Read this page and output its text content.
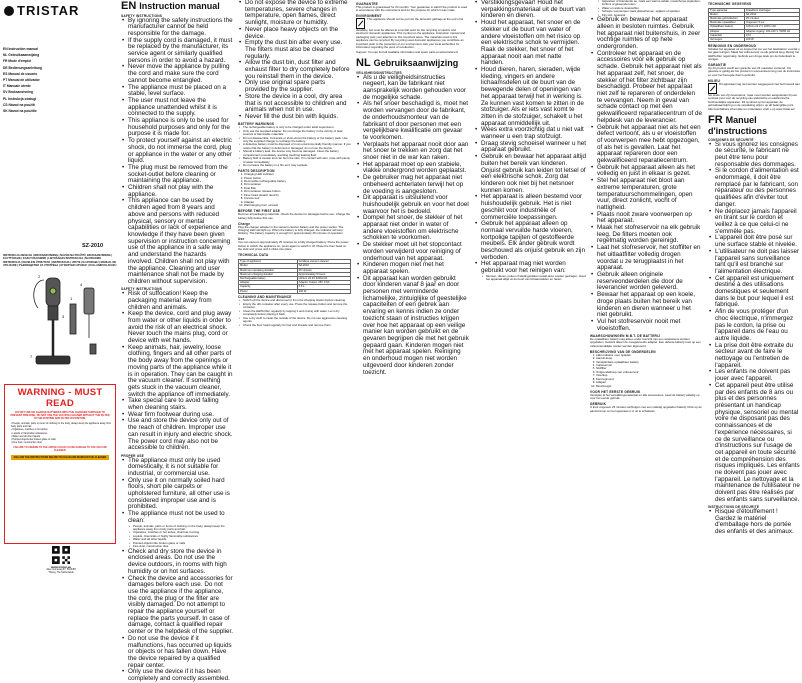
TRISTAR
EN Instruction manual
NL Gebruiksaanwijzing
FR Mode d'emploi
DE Bedienungsanleitung
ES Manual de usuario
PT Manual de utilizador
IT Manuale utente
SV Bruksanvisning
PL Instrukcja obsługi
CS Návod na použití
SK Návod na použitie
SZ-2010
INSTRUKCJA OBSŁUGI | BRUKSANVISNING | NÁVOD NA POUŽITÍ | BRUGSANVISNING | KÄYTTÖOHJE | KASUTUSJUHEND | LIETOŠANAS INSTRUKCIJA | NAUDOJIMO INSTRUKCIJA | KEZELÉSI ÚTMUTATÓ | INSTRUKCIJA | UPUTE ZA UPORABU | MANUAL DE UTILIZARE | РЪКОВОДСТВО ЗА УПОТРЕБА | ΕΓΧΕΙΡΊΔΙΟ ΧΡΉΣΗΣ | KULLANIM KILAVUZU
1
2
3
4
7
WARNING - MUST READ
DO NOT USE OR CHARGE BATTERIES WITH THE CHARGER SUPPLIED TO PREVENT FIRE RISK. DO NOT USE THE VACUUM CLEANER WITHOUT THE FILTER IN THE DUSTBIN AND FILTER IN POSITION.
• People, animals, parts or items of clothing on the body, always keep the appliance away from body parts and hair.
• Cigarettes, matches or hot ashes
• Liquids or flammable substances
• Water and all other liquids
• Pointed objects like broken glass or nails
• Fine dust, construction dust
FAILURE TO ADHERE TO THE ABOVE COULD CAUSE DAMAGE TO THE VACUUM CLEANER.
FOLLOW THE INSTRUCTIONS BELOW TO CLEAN AND MAINTAIN THE CLEANER
www.tristar.eu
Jules Verneweg 87, 5015 BH Tilburg, The Netherlands
EN Instruction manual
SAFETY INSTRUCTIONS
• By ignoring the safety instructions the manufacturer cannot be held responsible for the damage.
• If the supply cord is damaged, it must be replaced by the manufacturer, its service agent or similarly qualified persons in order to avoid a hazard.
• Never move the appliance by pulling the cord and make sure the cord cannot become entangled.
• The appliance must be placed on a stable, level surface.
• The user must not leave the appliance unattended whilst it is connected to the supply.
• This appliance is only to be used for household purposes and only for the purpose it is made for.
• To protect yourself against an electric shock, do not immerse the cord, plug or appliance in the water or any other liquid.
• The plug must be removed from the socket-outlet before cleaning or maintaining the appliance.
• Children shall not play with the appliance.
• This appliance can be used by children aged from 8 years and above and persons with reduced physical, sensory or mental capabilities or lack of experience and knowledge if they have been given supervision or instruction concerning use of the appliance in a safe way and understand the hazards involved. Children shall not play with the appliance. Cleaning and user maintenance shall not be made by children without supervision.
SAFETY INSTRUCTIONS
• Risk of suffocation! Keep the packaging material away from children and animals.
• Keep the device, cord and plug away from water or other liquids in order to avoid the risk of an electrical shock. Never touch the mains plug, cord or device with wet hands.
• Keep animals, hair, jewelry, loose clothing, fingers and all other parts of the body away from the openings or moving parts of the appliance while it is in operation. They can be caught in the vacuum cleaner. If something gets stuck in the vacuum cleaner, switch the appliance off immediately.
• Take special care to avoid falling when cleaning stairs.
• Wear firm footwear during use.
• Use and store the device only out of the reach of children. Improper use can result in injury and electric shock. The power cord may also not be accessible to children.
PROPER USE
• The appliance must only be used domestically, it is not suitable for industrial, or commercial use.
• Only use it on normally soiled hard floors, short pile carpets or upholstered furniture, all other use is considered improper use and is prohibited.
• The appliance must not be used to clean:
• People, animals, parts or items of clothing on the body, always keep the appliance away from body parts and hair.
• Cigarettes, matches or hot ashes, charcoal, burning
• Liquids, chemicals or highly flammable substances
• Water and all other liquids
• Pointed objects like broken glass or nails
• Fine dust, construction dust
• Check and dry store the device in enclosed areas. Do not use the device outdoors, in rooms with high humidity or on hot surfaces.
• Check the device and accessories for damages before each use. Do not use the appliance if the appliance, the cord, the plug or the filter are visibly damaged. Do not attempt to repair the appliance yourself or replace the parts yourself. In case of damage, contact a qualified repair center or the helpdesk of the supplier.
• Do not use the device if it malfunctions, has occurred up liquids or objects or has fallen down. Have the device repaired by a qualified repair center.
• Only use the device if it has been completely and correctly assembled.
• Do not expose the device to extreme temperatures, severe changes in temperature, open flames, direct sunlight, moisture or humidity.
• Never place heavy objects on the device.
• Empty the dust bin after every use. The filters must also be cleaned regularly.
• Allow the dust bin, dust filter and exhaust filter to dry completely before you reinstall them in the device.
• Only use original spare parts provided by the supplier.
• Store the device in a cool, dry area that is not accessible to children and animals when not in use.
• Never fill the dust bin with liquids.
BATTERY WARNINGS
• The rechargeable battery is only to be charged under adult supervision.
• Only use the supplied adapter. Do not charge the battery in the vicinity of heat sources or flammable materials.
• Do not disassemble, incinerate or short-circuit the battery or the battery pack. Use only the supplied charger to recharge the battery.
• A defective battery must be disposed of in an environmentally friendly manner. If you notice that the battery is deformed or damaged, do not use the device.
• Should a battery leak, the device may become damaged. Clean the battery compartment immediately, avoiding touching leaking fluid.
• Battery fluid is caustic and can burn the skin. If in contact with skin, rinse with plenty of water immediately.
• Do not leave the battery in a fire as it may explode.
PARTS DESCRIPTION
1. Charging LED indicator
2. Power button
3. Removable rechargeable battery
4. Dirt container
5. Dust filter
6. Dirt container release button
7. Floor head (detach launch)
8. Crevice tool
9. Adapter
10. Wall hanging (incl. screws)
BEFORE THE FIRST USE
Remove all packaging materials. Check the device for damages before use. Charge the battery fully before first use.
Charge
Plug the charger adapter in the vacuum cleaner battery and the power socket. The charging LED will light up. When the battery is fully charged, the indicator will stop blinking. The battery capacity is enough for approximately 25 minutes of operation.
Use
You can vacuum approximately 25 minutes on a fully charged battery. Press the power button to switch the appliance on, press again to switch it off. Place the floor head on the stick and press until it clicks into place.
TECHNICAL DATA
Type of appliance	Cordless vacuum cleaner
Model	SZ-2010
Maximum operating duration	25 minutes
Maximum charging duration	Approximately 5 hours
Rechargeable battery	Lithium 22.2V 2200mAh
Adapter	Adaptor Output: 26V 0.5A
Capacity	0.6 L
Power	100 W
CLEANING AND MAINTENANCE
• Switch off the device and disconnect it from the charging station before cleaning.
• Empty the dirt container after every use. Press the release button and remove the container.
• Clean the HEPA filter regularly by tapping it and rinsing with water. Let it dry completely before placing it back.
• Use a dry cloth to clean the outside of the device. Do not use aggressive cleaning agents.
• Check the floor head regularly for hair and threads and remove them.
GUARANTEE
This product is guaranteed for 24 months. Your guarantee is valid if the product is used in accordance with the instructions and for the purpose for which it was made.
ENVIRONMENT
This appliance should not be put into the domestic garbage at the end of its durability, but must be offered at a central point for the recycling of electric and electronic domestic appliances. This symbol on the appliance, instruction manual and packaging puts your attention to this important issue. The materials used in this appliance can be recycled. By recycling used domestic appliances you contribute an important push to the protection of our environment. Ask your local authorities for information regarding the point of recollection.
Support: You can find all available information and spare parts at www.tristar.eu!
NL Gebruiksaanwijzing
VEILIGHEIDSINSTRUCTIES
• Als u de veiligheidsinstructies negeert, kan de fabrikant niet aansprakelijk worden gehouden voor de mogelijke schade.
• Als het snoer beschadigd is, moet het worden vervangen door de fabrikant, de onderhoudsmonteur van de fabrikant of door personen met een vergelijkbare kwalificatie om gevaar te voorkomen.
• Verplaats het apparaat nooit door aan het snoer te trekken en zorg dat het snoer niet in de war kan raken.
• Het apparaat moet op een stabiele, vlakke ondergrond worden geplaatst.
• De gebruiker mag het apparaat niet onbeheerd achterlaten terwijl het op de voeding is aangesloten.
• Dit apparaat is uitsluitend voor huishoudelijk gebruik en voor het doel waarvoor het is bedoeld.
• Dompel het snoer, de stekker of het apparaat niet onder in water of andere vloeistoffen om elektrische schokken te voorkomen.
• De stekker moet uit het stopcontact worden verwijderd voor reiniging of onderhoud van het apparaat.
• Kinderen mogen niet met het apparaat spelen.
• Dit apparaat kan worden gebruikt door kinderen vanaf 8 jaar en door personen met verminderde lichamelijke, zintuiglijke of geestelijke capaciteiten of een gebrek aan ervaring en kennis indien ze onder toezicht staan of instructies krijgen over hoe het apparaat op een veilige manier kan worden gebruikt en de gevaren begrijpen die met het gebruik gepaard gaan. Kinderen mogen niet met het apparaat spelen. Reiniging en onderhoud mogen niet worden uitgevoerd door kinderen zonder toezicht.
• Verstikkingsgevaar! Houd het verpakkingsmateriaal uit de buurt van kinderen en dieren.
• Houd het apparaat, het snoer en de stekker uit de buurt van water of andere vloeistoffen om het risico op een elektrische schok te vermijden. Raak de stekker, het snoer of het apparaat nooit aan met natte handen.
• Houd dieren, haren, sieraden, wijde kleding, vingers en andere lichaamsdelen uit de buurt van de bewegende delen of openingen van het apparaat terwijl het in werking is. Ze kunnen vast komen te zitten in de stofzuiger. Als er iets vast komt te zitten in de stofzuiger, schakelt u het apparaat onmiddellijk uit.
• Wees extra voorzichtig dat u niet valt wanneer u een trap stofzuigt.
• Draag stevig schoeisel wanneer u het apparaat gebruikt.
• Gebruik en bewaar het apparaat altijd buiten het bereik van kinderen. Onjuist gebruik kan leiden tot letsel of een elektrische schok. Zorg dat kinderen ook niet bij het netsnoer kunnen komen.
• Het apparaat is alleen bestemd voor huishoudelijk gebruik. Het is niet geschikt voor industriële of commerciële toepassingen.
• Gebruik het apparaat alleen op normaal vervuilde harde vloeren, kortpolige tapijten of gestoffeerde meubels. Elk ander gebruik wordt beschouwd als onjuist gebruik en zijn verboden.
• Het apparaat mag niet worden gebruikt voor het reinigen van:
• Mensen, dieren, putten of kledingstukken terwijl deze worden gedragen. Houd het apparaat altijd uit de buurt van lichaamsdelen en haren.
• Sigaretten of brandende as, zoals een warme asbak, messcherpe sigaretten, lucifers of gloeiende kolen
• Water en andere vloeistoffen
• Scherpe voorwerpen zoals glasscherven, spijkers of spelden
• Fijn stof, bouwstof
• Gebruik en bewaar het apparaat alleen in besloten ruimtes. Gebruik het apparaat niet buitenshuis, in zeer vochtige ruimtes of op hete ondergronden.
• Controleer het apparaat en de accessoires vóór elk gebruik op schade. Gebruik het apparaat niet als het apparaat zelf, het snoer, de stekker of het filter zichtbaar zijn beschadigd. Probeer het apparaat niet zelf te repareren of onderdelen te vervangen. Neem in geval van schade contact op met een gekwalificeerd reparatiecentrum of de helpdesk van de leverancier.
• Gebruik het apparaat niet als het een defect vertoont, als u er vloeistoffen of voorwerpen mee hebt opgezogen, of als het is gevallen. Laat het apparaat repareren door een gekwalificeerd reparatiecentrum.
• Gebruik het apparaat alleen als het volledig en juist in elkaar is gezet.
• Stel het apparaat niet bloot aan extreme temperaturen, grote temperatuurschommelingen, open vuur, direct zonlicht, vocht of nattigheid.
• Plaats nooit zware voorwerpen op het apparaat.
• Maak het stofreservoir na elk gebruik leeg. De filters moeten ook regelmatig worden gereinigd.
• Laat het stofreservoir, het stoffilter en het uitlaatfilter volledig drogen voordat u ze terugplaatst in het apparaat.
• Gebruik alleen originele reserveonderdelen die door de leverancier worden geleverd.
• Bewaar het apparaat op een koele, droge plaats buiten het bereik van kinderen en dieren wanneer u het niet gebruikt.
• Vul het stofreservoir nooit met vloeistoffen.
WAARSCHUWINGEN M.B.T. DE BATTERIJ
De oplaadbare batterij mag alleen onder toezicht van een volwassene worden opgeladen. Gebruik alleen de meegeleverde adapter. Een defecte batterij moet op een milieuvriendelijke manier worden afgevoerd.
BESCHRIJVING VAN DE ONDERDELEN
1. LED-indicator voor opladen
2. Aan/uit-knop
3. Verwijderbare oplaadbare batterij
4. Vuilreservoir
5. Stoffilter
6. Ontgrendelknop van vuilreservoir
7. Vloerkop
8. Kierzuigmond
9. Adapter
10. Muurbeugel
VOOR HET EERSTE GEBRUIK
Verwijder al het verpakkingsmateriaal en alle accessoires. Laad de batterij volledig op voor het eerste gebruik.
GEBRUIK
U kunt ongeveer 25 minuten stofzuigen met een volledig opgeladen batterij. Druk op de aan/uit-knop om het apparaat in of uit te schakelen.
TECHNISCHE GEGEVENS
Type apparaat	Draadloze stofzuiger
Model	SZ-2010
Maximale gebruiksduur	25 minuten
Maximale oplaadduur	Ongeveer 5 uur
Oplaadbare batterij	Lithium 22,2 V 2200 mAh
Adapter	Adapter-ingang: 100-240 V, 50/60 Hz
Capaciteit	0,6 l
Vermogen	100 W
REINIGING EN ONDERHOUD
Schakel het apparaat uit en koppel het los van het laadstation voordat u het gaat reinigen. Maak het vuilreservoir na elk gebruik leeg. Reinig het HEPA-filter regelmatig. Gebruik een droge doek om de buitenkant te reinigen.
GARANTIE
Op dit product wordt een garantie van 24 maanden verleend. Uw garantie is geldig als het product in overeenstemming met de instructies en voor het beoogde doel is gebruikt.
MILIEU
Dit apparaat mag niet worden weggegooid met het huisvuil aan het einde van zijn levensduur, maar moet worden aangeboden bij een centraal punt voor de recycling van elektrische en elektronische huishoudelijke apparaten. Dit symbool op het apparaat, de gebruiksaanwijzing en de verpakking wijst u op dit belangrijke punt.
Alle beschikbare informatie en onderdelen vindt u op www.tristar.eu!
FR Manuel d'instructions
CONSIGNES DE SÉCURITÉ
• Si vous ignorez les consignes de sécurité, le fabricant ne peut être tenu pour responsable des dommages.
• Si le cordon d'alimentation est endommagé, il doit être remplacé par le fabricant, son réparateur ou des personnes qualifiées afin d'éviter tout danger.
• Ne déplacez jamais l'appareil en tirant sur le cordon et veillez à ce que celui-ci ne s'emmêle pas.
• L'appareil doit être posé sur une surface stable et nivelée.
• L'utilisateur ne doit pas laisser l'appareil sans surveillance tant qu'il est branché sur l'alimentation électrique.
• Cet appareil est uniquement destiné à des utilisations domestiques et seulement dans le but pour lequel il est fabriqué.
• Afin de vous protéger d'un choc électrique, n'immergez pas le cordon, la prise ou l'appareil dans de l'eau ou autre liquide.
• La prise doit être extraite du secteur avant de faire le nettoyage ou l'entretien de l'appareil.
• Les enfants ne doivent pas jouer avec l'appareil.
• Cet appareil peut être utilisé par des enfants de 8 ans ou plus et des personnes présentant un handicap physique, sensoriel ou mental voire ne disposant pas des connaissances et de l'expérience nécessaires, si ce de surveillance ou d'instructions sur l'usage de cet appareil en toute sécurité et de compréhension des risques impliqués. Les enfants ne doivent pas jouer avec l'appareil. Le nettoyage et la maintenance de l'utilisateur ne doivent pas être réalisés par des enfants sans surveillance.
INSTRUCTIONS DE SÉCURITÉ
• Risque d'étouffement ! Gardez le matériel d'emballage hors de portée des enfants et des animaux.
